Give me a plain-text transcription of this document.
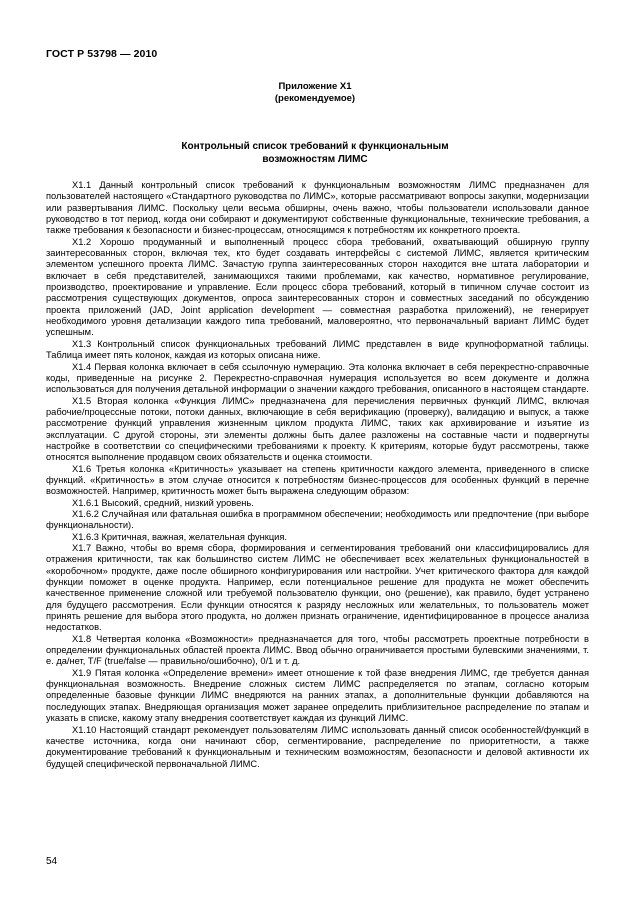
ГОСТ Р 53798 — 2010
Приложение Х1
(рекомендуемое)
Контрольный список требований к функциональным
возможностям ЛИМС

Х1.1 Данный контрольный список требований к функциональным возможностям ЛИМС предназначен для пользователей настоящего «Стандартного руководства по ЛИМС», которые рассматривают вопросы закупки, модернизации или развертывания ЛИМС. Поскольку цели весьма обширны, очень важно, чтобы пользователи использовали данное руководство в тот период, когда они собирают и документируют собственные функциональные, технические требования, а также требования к безопасности и бизнес-процессам, относящимся к потребностям их конкретного проекта.

Х1.2 Хорошо продуманный и выполненный процесс сбора требований, охватывающий обширную группу заинтересованных сторон, включая тех, кто будет создавать интерфейсы с системой ЛИМС, является критическим элементом успешного проекта ЛИМС. Зачастую группа заинтересованных сторон находится вне штата лаборатории и включает в себя представителей, занимающихся такими проблемами, как качество, нормативное регулирование, производство, проектирование и управление. Если процесс сбора требований, который в типичном случае состоит из рассмотрения существующих документов, опроса заинтересованных сторон и совместных заседаний по обсуждению проекта приложений (JAD, Joint application development — совместная разработка приложений), не генерирует необходимого уровня детализации каждого типа требований, маловероятно, что первоначальный вариант ЛИМС будет успешным.

Х1.3 Контрольный список функциональных требований ЛИМС представлен в виде крупноформатной таблицы. Таблица имеет пять колонок, каждая из которых описана ниже.

Х1.4 Первая колонка включает в себя ссылочную нумерацию. Эта колонка включает в себя перекрестно-справочные коды, приведенные на рисунке 2. Перекрестно-справочная нумерация используется во всем документе и должна использоваться для получения детальной информации о значении каждого требования, описанного в настоящем стандарте.

Х1.5 Вторая колонка «Функция ЛИМС» предназначена для перечисления первичных функций ЛИМС, включая рабочие/процессные потоки, потоки данных, включающие в себя верификацию (проверку), валидацию и выпуск, а также рассмотрение функций управления жизненным циклом продукта ЛИМС, таких как архивирование и изъятие из эксплуатации. С другой стороны, эти элементы должны быть далее разложены на составные части и подвергнуты настройке в соответствии со специфическими требованиями к проекту. К критериям, которые будут рассмотрены, также относятся выполнение продавцом своих обязательств и оценка стоимости.

Х1.6 Третья колонка «Критичность» указывает на степень критичности каждого элемента, приведенного в списке функций. «Критичность» в этом случае относится к потребностям бизнес-процессов для особенных функций в перечне возможностей. Например, критичность может быть выражена следующим образом:

Х1.6.1 Высокий, средний, низкий уровень.

Х1.6.2 Случайная или фатальная ошибка в программном обеспечении; необходимость или предпочтение (при выборе функциональности).

Х1.6.3 Критичная, важная, желательная функция.

Х1.7 Важно, чтобы во время сбора, формирования и сегментирования требований они классифицировались для отражения критичности, так как большинство систем ЛИМС не обеспечивает всех желательных функциональностей в «коробочном» продукте, даже после обширного конфигурирования или настройки. Учет критического фактора для каждой функции поможет в оценке продукта. Например, если потенциальное решение для продукта не может обеспечить качественное применение сложной или требуемой пользователю функции, оно (решение), как правило, будет устранено для будущего рассмотрения. Если функции относятся к разряду несложных или желательных, то пользователь может принять решение для выбора этого продукта, но должен признать ограничение, идентифицированное в процессе анализа недостатков.

Х1.8 Четвертая колонка «Возможности» предназначается для того, чтобы рассмотреть проектные потребности в определении функциональных областей проекта ЛИМС. Ввод обычно ограничивается простыми булевскими значениями, т. е. да/нет, T/F (true/false — правильно/ошибочно), 0/1 и т. д.

Х1.9 Пятая колонка «Определение времени» имеет отношение к той фазе внедрения ЛИМС, где требуется данная функциональная возможность. Внедрение сложных систем ЛИМС распределяется по этапам, согласно которым определенные базовые функции ЛИМС внедряются на ранних этапах, а дополнительные функции добавляются на последующих этапах. Внедряющая организация может заранее определить приблизительное распределение по этапам и указать в списке, какому этапу внедрения соответствует каждая из функций ЛИМС.

Х1.10 Настоящий стандарт рекомендует пользователям ЛИМС использовать данный список особенностей/функций в качестве источника, когда они начинают сбор, сегментирование, распределение по приоритетности, а также документирование требований к функциональным и техническим возможностям, безопасности и деловой активности их будущей специфической первоначальной ЛИМС.

54
